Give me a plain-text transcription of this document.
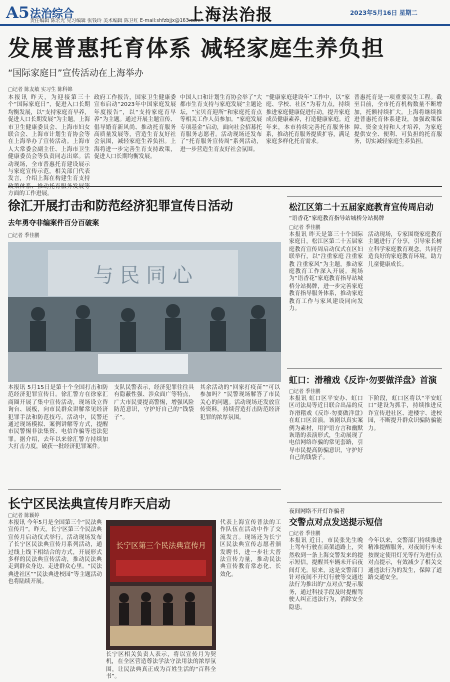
A5 法治综合
责任编辑 陈宏光 见习编辑 张钱玲 美术编辑 陈卫红 E-mail:shfzbjjx@163.com
上海法治报	2023年5月16日 星期二
发展普惠托育体系 减轻家庭生养负担
“国际家庭日”宣传活动在上海举办
□记者 陈友敏 实习生 陈科锦
本报讯 昨天，为迎接第三十个“国际家庭日”，促进入口长期均衡发展，以“支持家庭育早养，促进人口长期发展”为主题，上海市卫生健康委员会、上海市妇女联合会、上海市计划生育协会等在上海举办了宣传活动。上海市人大常委会副主任、上海市卫生健康委员会等负责同志出席。活动现场，全市普惠托育建设展示与家庭宣传示范，相关部门代表发言，介绍上海在构建生育支持 方面的工作进展。
政府工作报告，国家卫生健康委宣布启动“2023年中国家庭发展年度报告”，以“支持家庭育早养”为主题。通过开展主题宣传、倡导婚育新风尚、推动托育服务高质量发展等，营造生育友好社会氛围，减轻家庭生养负担。上海将进一步完善生育支持政策，促进人口长期均衡发展。
中国人口和计划生育协会举了“大都市生育支持与家庭发展”主题论坛，“宝贝育迎所”和家庭托育点等相关工作人员参加。“家庭发展专项基金”启动，面向社会招募托育服务志愿者。活动现场还发布了“托育服务宣传周”系列活动，进一步营造生育友好社会氛围。
“健康家庭建设年”工作中，以“家庭、学校、社区”为着力点，持续推进家庭健康促进行动，提升家庭成员健康素养，打造健康家庭。近年来，本市持续完善托育服务体系，推动托育服务提质扩容，满足家庭多样化托育需求。
普惠托育是一项重要民生工程。截至目前，全市托育机构数量不断增加，托额持续扩大。上海将继续推进普惠托育体系建设，加强政策保障、资金支持和人才培养，为家庭提供安全、便利、可负担的托育服务，切实减轻家庭生养负担。
徐汇开展打击和防范经济犯罪宣传日活动
去年勇夺非编案件百分百破案
□记者 季佳鹏
与 民 同 心
本报讯 5月15日是第十个全国打击和防范经济犯罪宣传日。徐汇警方在徐家汇商圈开展了集中宣传活动，现场设立咨询台、展板，向市民群众讲解常见经济犯罪手法和防范技巧。活动中，民警还通过现场模拟、案例讲解等方式，提醒市民警惕非法集资、电信诈骗等违法犯罪。据介绍，去年以来徐汇警方持续加大打击力度，破获一批经济犯罪案件。
支队民警表示，经济犯罪往往具有隐蔽性强、涉众面广等特点，广大市民要提高警惕，增强风险防范意识，守护好自己的“钱袋子”。
其余活动的“回家打疫苗”“可以参加吗？”民警现场解答了市民关心的问题。活动现场还发放宣传资料，持续营造打击防范经济犯罪的浓厚氛围。
松江区第二十五届家庭教育宣传周启动
“语香花”家庭教育指导站城桥分站揭牌
□记者 季佳鹏
本报讯 昨天是第三十个国际家庭日，松江区第二十五届家庭教育宣传周启动仪式在区妇联举行，以“注重家庭 注重家教 注重家风”为主题，推动家庭教育工作深入开展。现场为“语香花”家庭教育指导站城桥分站揭牌，进一步完善家庭教育指导服务体系，推动家庭教育工作与家风建设同向发力。
活动现场，专家围绕家庭教育主题进行了分享，引导家长树立科学家庭教育观念，共同营造良好的家庭教育环境，助力儿童健康成长。
虹口：滑稽戏《反诈·勿要做洋盘》首演
□记者 季佳鹏
本报讯 虹口区平安办、虹口区司法局等近日联合出品的反诈滑稽戏《反诈·勿要做洋盘》在虹口区首演。该剧以真实案例为素材，用沪语方言和幽默诙谐的表演形式，生动展现了电信网络诈骗的常见套路，引导市民提高防骗意识，守护好自己的钱袋子。
下阶段，虹口区将以“平安虹口”建设为抓手，持续推进反诈宣传进社区、进楼宇、进校园，不断提升群众识骗防骗能力。
夜间网络不开灯诈骗者
交警点对点发送提示短信
□记者 季佳鹏
本报讯 近日，市民张先生晚上驾车行驶在高架道路上，突然收到一条上海交警发来的提示短信，提醒其车辆未开启夜间灯光。原来，这是交警部门针对夜间不开灯行驶等交通违法行为推出的“点对点”提示服务，通过科技手段及时提醒驾驶人纠正违法行为，消除安全隐患。
今年以来，交警部门持续推进精准提醒服务，对夜间行车未按规定使用灯光等行为进行点对点提示，有效减少了相关交通违法行为的发生，保障了道路交通安全。
长宁区民法典宣传月昨天启动
□记者 陈颖婷
本报讯 今年5月是全国第三个“民法典宣传月”。昨天，长宁区第三个民法典宣传月启动仪式举行。活动现场发布了长宁区民法典宣传月系列活动，通过线上线下相结合的方式，开展形式多样的民法典宣传活动，推动民法典走到群众身边、走进群众心里。“民法典进社区”“民法典进校园”等主题活动也将陆续开展。
长宁区第三个民法典宣传月
代表上海宣传普法的工作队伍在活动中作了交流发言。现场还为长宁区民法典宣传志愿者颁发聘书，进一步壮大普法宣传力量，推动民法典宣传教育常态化、长效化。
长宁区相关负责人表示，将以宣传月为契机，在全区营造尊法学法守法用法的浓厚氛围，让民法典真正成为百姓生活的“百科全书”。
